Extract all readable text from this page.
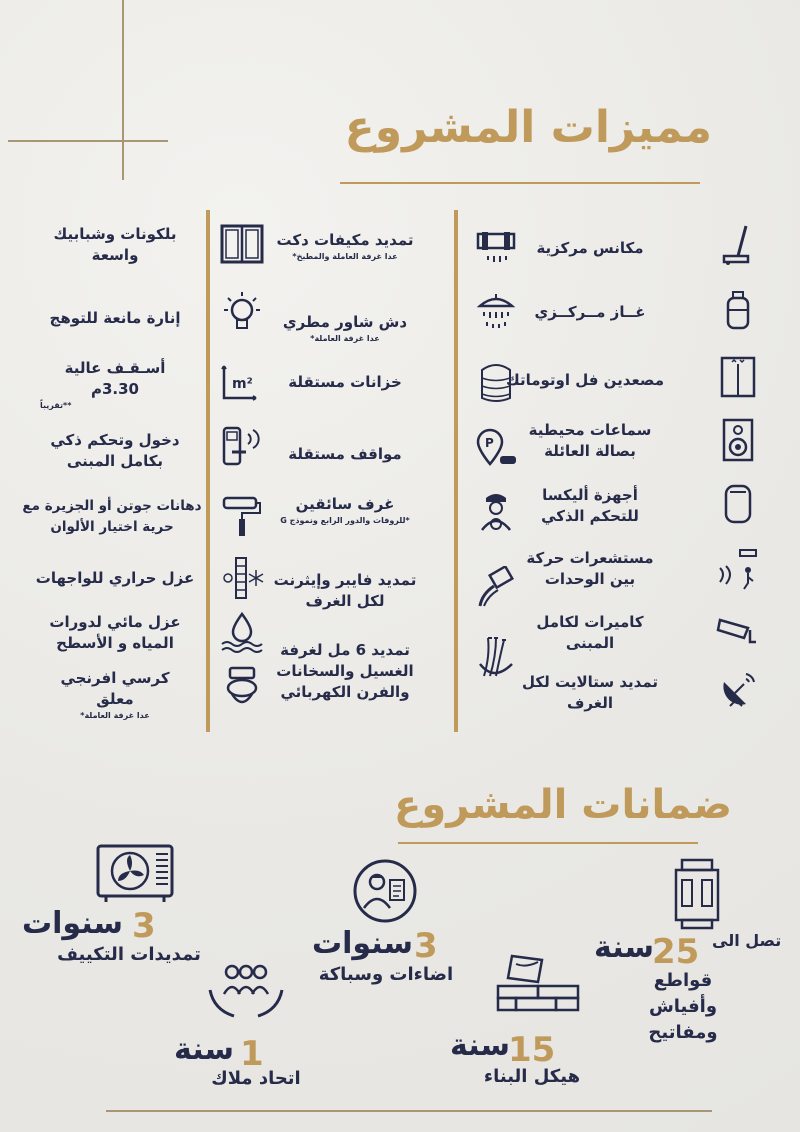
مميزات المشروع
مكانس مركزية
غــاز مــركــزي
مصعدين فل اوتوماتك
سماعات محيطية بصالة العائلة
أجهزة أليكسا للتحكم الذكي
مستشعرات حركة بين الوحدات
كاميرات لكامل المبنى
تمديد ستالايت لكل الغرف
تمديد مكيفات دكت
عدا غرفة العاملة والمطبخ*
دش شاور مطري
عدا غرفة العاملة*
خزانات مستقلة
P
مواقف مستقلة
غرف سائقين
*للروفات والدور الرابع ونموذج G
تمديد فايبر وإيثرنت لكل الغرف
تمديد 6 مل لغرفة الغسيل والسخانات والفرن الكهربائي
بلكونات وشبابيك واسعة
إنارة مانعة للتوهج
m²
أسـقـف عالية 3.30م
**تقريباً
دخول وتحكم ذكي بكامل المبنى
دهانات جوتن أو الجزيرة مع حرية اختيار الألوان
عزل حراري للواجهات
عزل مائي لدورات المياه و الأسطح
كرسي افرنجي معلق
عدا غرفة العاملة*
ضمانات المشروع
تصل الى
25
سنة
قواطع وأفياش ومفاتيح
3
سنوات
اضاءات وسباكة
3
سنوات
تمديدات التكييف
15
سنة
هيكل البناء
1
سنة
اتحاد ملاك
